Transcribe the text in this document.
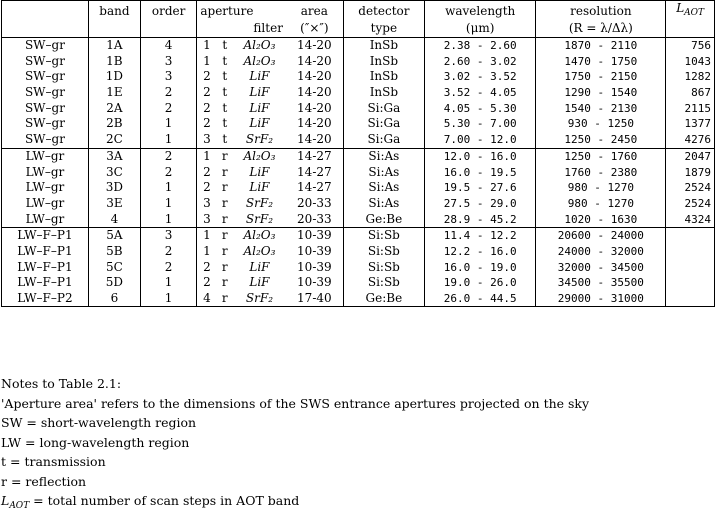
	band	order	aperture			area	detector	wavelength	resolution	$L_{AOT}$
			filter			(″×″)	type	(μm)	(R = λ/Δλ)	
SW–gr	1A	4	1	t	Al₂O₃	14-20	InSb	2.38 - 2.60	1870 - 2110	756
SW–gr	1B	3	1	t	Al₂O₃	14-20	InSb	2.60 - 3.02	1470 - 1750	1043
SW–gr	1D	3	2	t	LiF	14-20	InSb	3.02 - 3.52	1750 - 2150	1282
SW–gr	1E	2	2	t	LiF	14-20	InSb	3.52 - 4.05	1290 - 1540	867
SW–gr	2A	2	2	t	LiF	14-20	Si:Ga	4.05 - 5.30	1540 - 2130	2115
SW–gr	2B	1	2	t	LiF	14-20	Si:Ga	5.30 - 7.00	930 - 1250	1377
SW–gr	2C	1	3	t	SrF₂	14-20	Si:Ga	7.00 - 12.0	1250 - 2450	4276
LW–gr	3A	2	1	r	Al₂O₃	14-27	Si:As	12.0 - 16.0	1250 - 1760	2047
LW–gr	3C	2	2	r	LiF	14-27	Si:As	16.0 - 19.5	1760 - 2380	1879
LW–gr	3D	1	2	r	LiF	14-27	Si:As	19.5 - 27.6	980 - 1270	2524
LW–gr	3E	1	3	r	SrF₂	20-33	Si:As	27.5 - 29.0	980 - 1270	2524
LW–gr	4	1	3	r	SrF₂	20-33	Ge:Be	28.9 - 45.2	1020 - 1630	4324
LW–F–P1	5A	3	1	r	Al₂O₃	10-39	Si:Sb	11.4 - 12.2	20600 - 24000	
LW–F–P1	5B	2	1	r	Al₂O₃	10-39	Si:Sb	12.2 - 16.0	24000 - 32000	
LW–F–P1	5C	2	2	r	LiF	10-39	Si:Sb	16.0 - 19.0	32000 - 34500	
LW–F–P1	5D	1	2	r	LiF	10-39	Si:Sb	19.0 - 26.0	34500 - 35500	
LW–F–P2	6	1	4	r	SrF₂	17-40	Ge:Be	26.0 - 44.5	29000 - 31000	
Notes to Table 2.1:
'Aperture area' refers to the dimensions of the SWS entrance apertures projected on the sky
SW = short-wavelength region
LW = long-wavelength region
t = transmission
r = reflection
$L_{AOT}$ = total number of scan steps in AOT band
